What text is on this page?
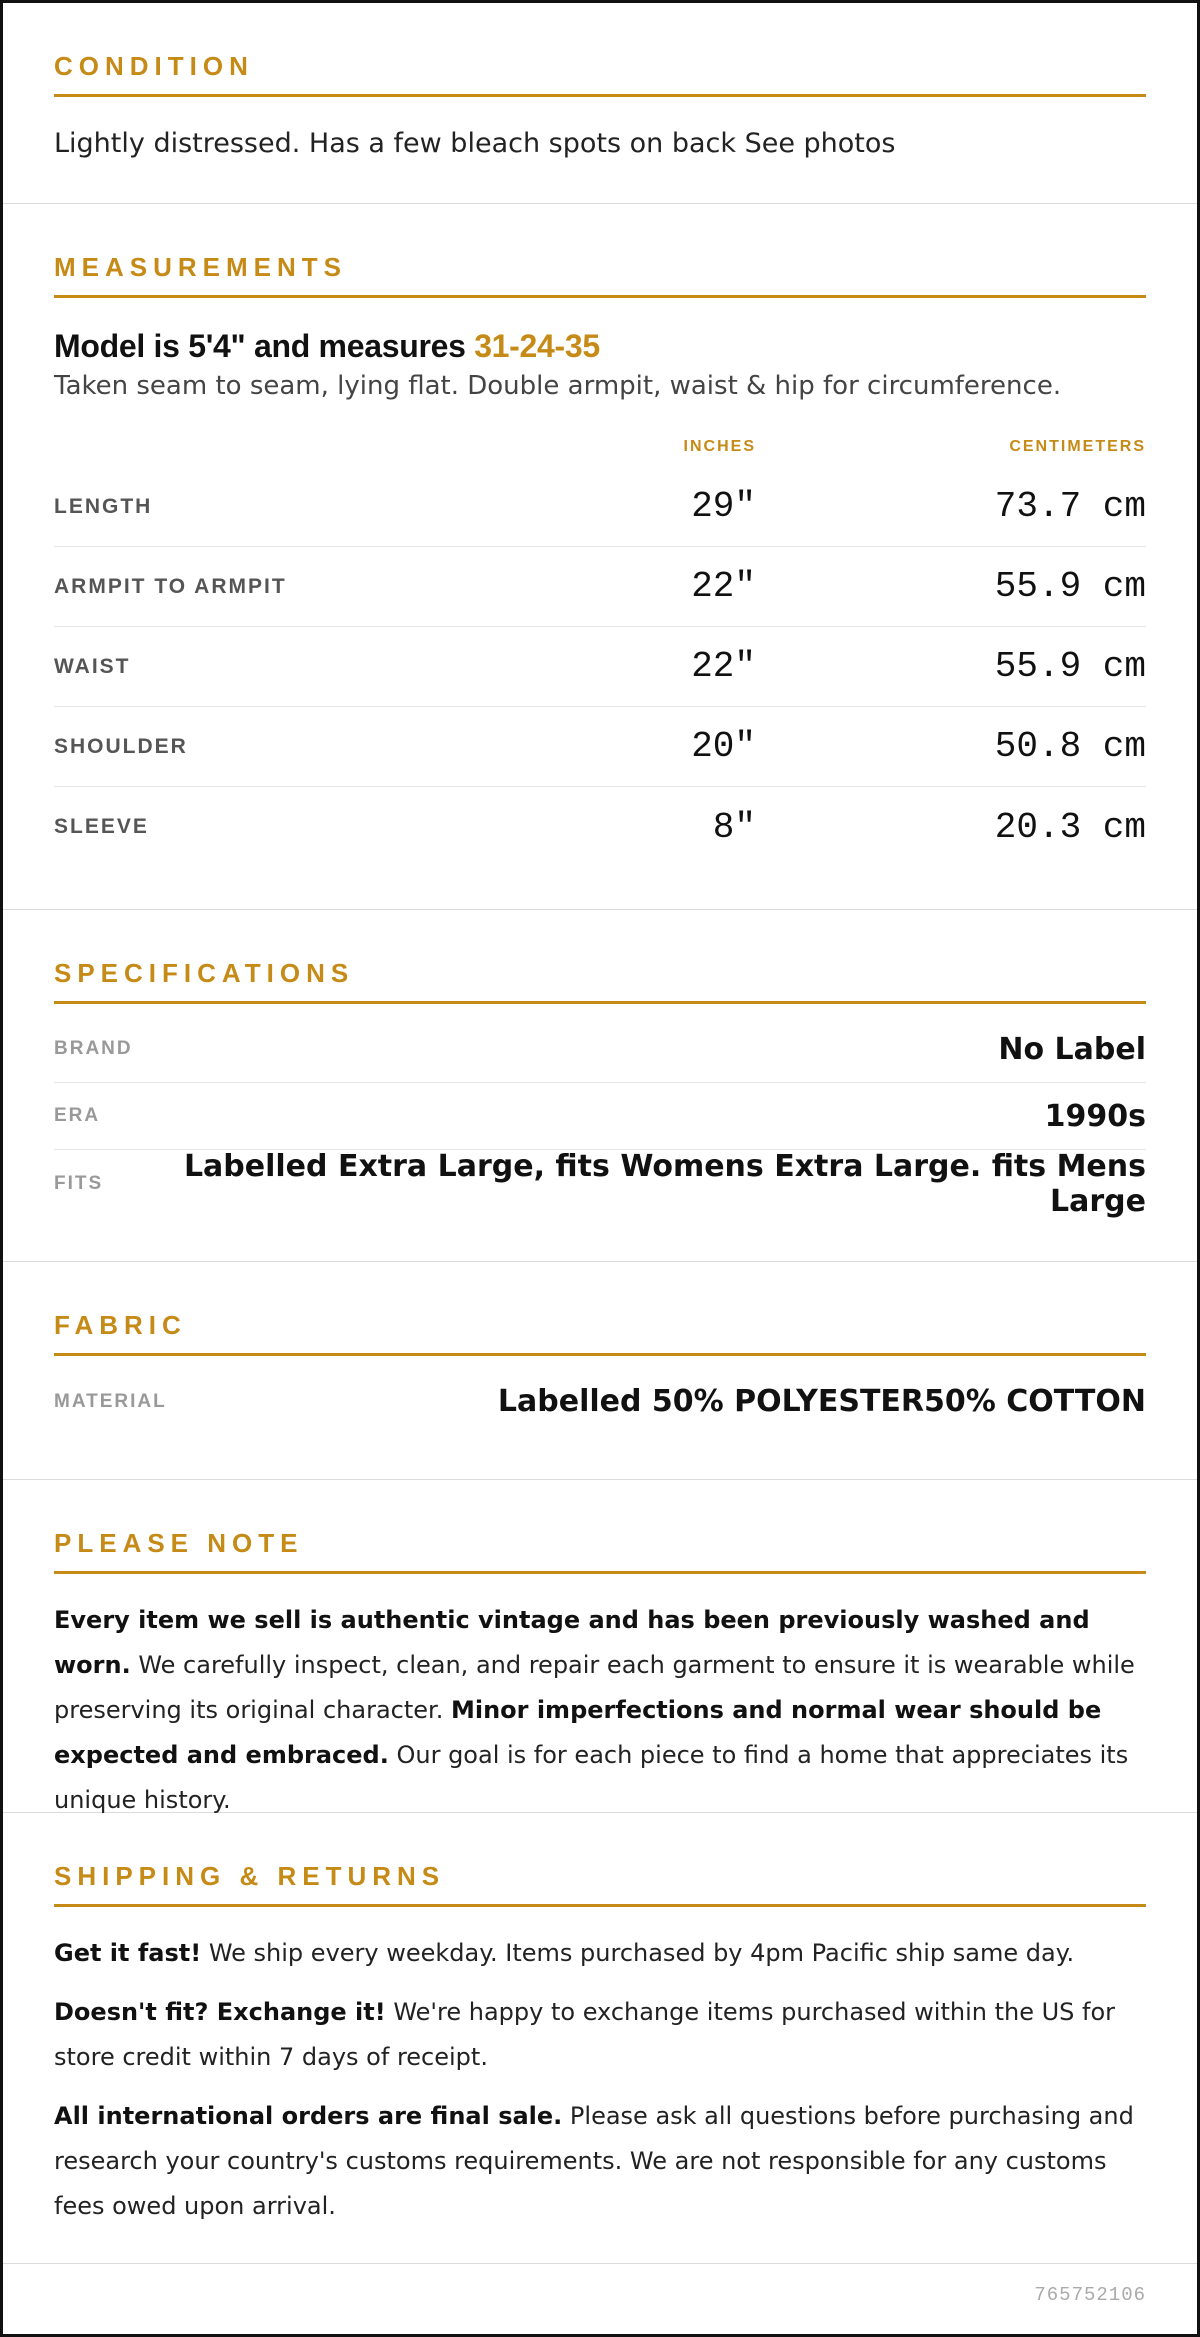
CONDITION

Lightly distressed. Has a few bleach spots on back See photos

MEASUREMENTS
Model is 5'4" and measures 31-24-35

Taken seam to seam, lying flat. Double armpit, waist & hip for circumference.

INCHES	CENTIMETERS
LENGTH	29"	73.7 cm
ARMPIT TO ARMPIT	22"	55.9 cm
WAIST	22"	55.9 cm
SHOULDER	20"	50.8 cm
SLEEVE	8"	20.3 cm
SPECIFICATIONS
BRAND	No Label
ERA	1990s
FITS	Labelled Extra Large, fits Womens Extra Large. fits Mens Large
FABRIC
MATERIAL	Labelled 50% POLYESTER50% COTTON
PLEASE NOTE

Every item we sell is authentic vintage and has been previously washed and worn. We carefully inspect, clean, and repair each garment to ensure it is wearable while preserving its original character. Minor imperfections and normal wear should be expected and embraced. Our goal is for each piece to find a home that appreciates its unique history.

SHIPPING & RETURNS

Get it fast! We ship every weekday. Items purchased by 4pm Pacific ship same day.

Doesn't fit? Exchange it! We're happy to exchange items purchased within the US for store credit within 7 days of receipt.

All international orders are final sale. Please ask all questions before purchasing and research your country's customs requirements. We are not responsible for any customs fees owed upon arrival.

765752106
